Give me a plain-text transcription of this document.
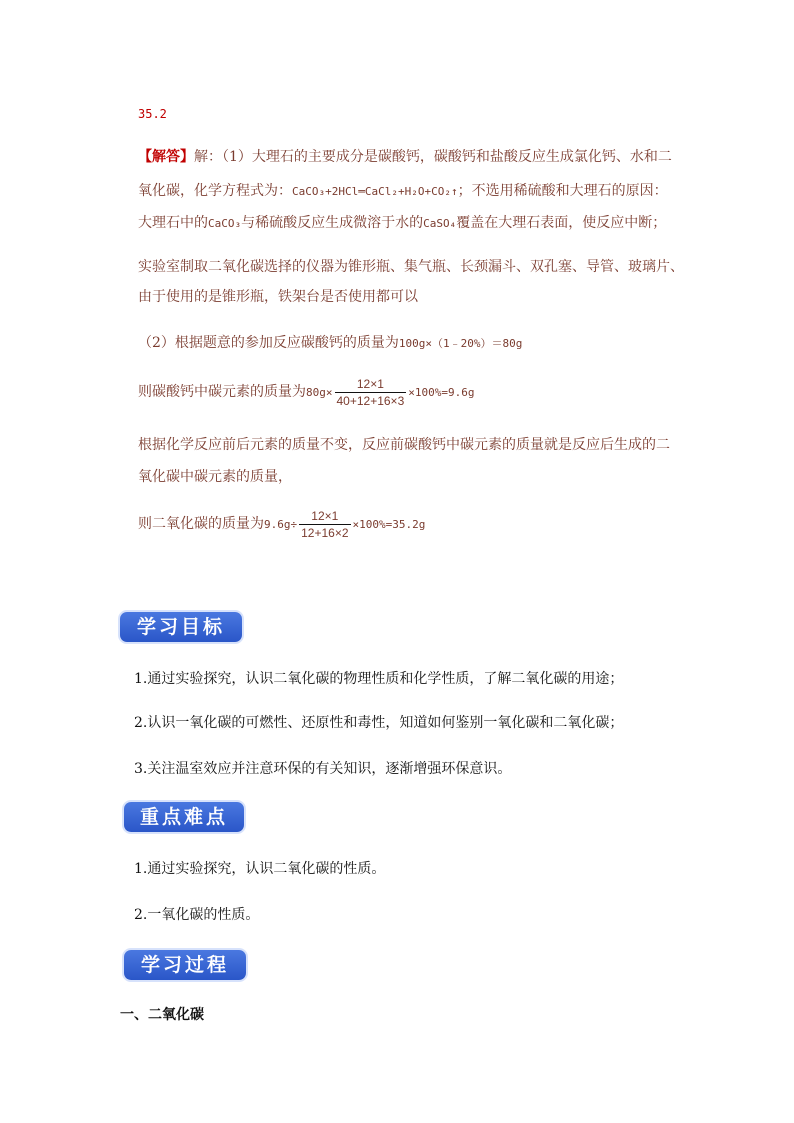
35.2
【解答】解：（1）大理石的主要成分是碳酸钙，碳酸钙和盐酸反应生成氯化钙、水和二
氧化碳，化学方程式为：CaCO₃+2HCl═CaCl₂+H₂O+CO₂↑；不选用稀硫酸和大理石的原因：
大理石中的CaCO₃与稀硫酸反应生成微溶于水的CaSO₄覆盖在大理石表面，使反应中断；
实验室制取二氧化碳选择的仪器为锥形瓶、集气瓶、长颈漏斗、双孔塞、导管、玻璃片、
由于使用的是锥形瓶，铁架台是否使用都可以
（2）根据题意的参加反应碳酸钙的质量为100g×（1﹣20%）＝80g
则碳酸钙中碳元素的质量为$80g\times \frac{12\times 1}{40+12+16\times 3} \times 100\%=9.6g$
根据化学反应前后元素的质量不变，反应前碳酸钙中碳元素的质量就是反应后生成的二
氧化碳中碳元素的质量，
则二氧化碳的质量为$9.6g\div \frac{12\times 1}{12+16\times 2} \times 100\%=35.2g$
学习目标
1.通过实验探究，认识二氧化碳的物理性质和化学性质，了解二氧化碳的用途；
2.认识一氧化碳的可燃性、还原性和毒性，知道如何鉴别一氧化碳和二氧化碳；
3.关注温室效应并注意环保的有关知识，逐渐增强环保意识。
重点难点
1.通过实验探究，认识二氧化碳的性质。
2.一氧化碳的性质。
学习过程
一、二氧化碳
